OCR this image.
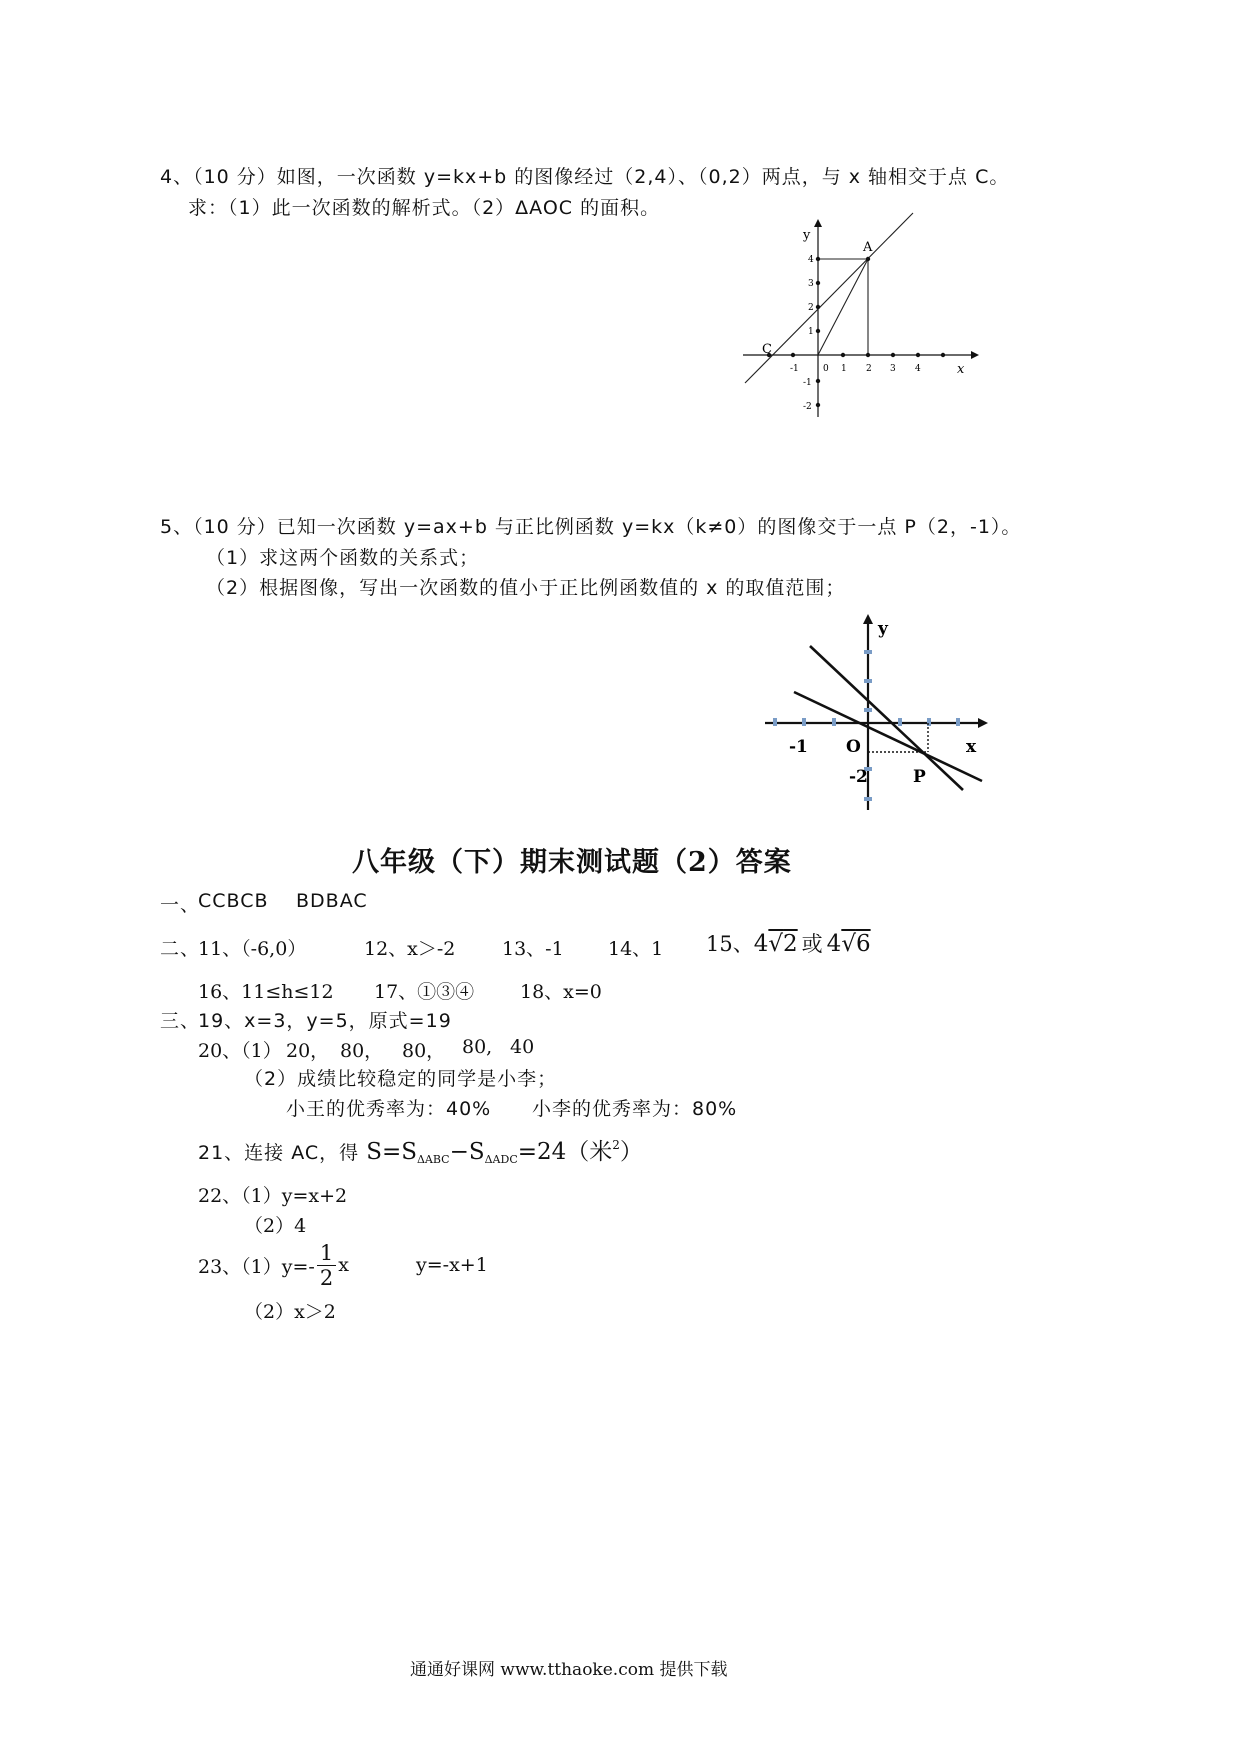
4、（10 分）如图，一次函数 y=kx+b 的图像经过（2,4）、（0,2）两点，与 x 轴相交于点 C。
求：（1）此一次函数的解析式。（2）ΔAOC 的面积。
y
x
A
C
-1	0 1 2 3 4
4
3
2
1
-1
-2
5、（10 分）已知一次函数 y=ax+b 与正比例函数 y=kx（k≠0）的图像交于一点 P（2，-1）。
（1）求这两个函数的关系式；
（2）根据图像，写出一次函数的值小于正比例函数值的 x 的取值范围；
y
x
O
-1
-2	P
八年级（下）期末测试题（2）答案
一、
CCBCB BDBAC
二、
11、（-6,0）	12、x＞-2 13、-1 14、1 15、4√2 或 4√6
16、11≤h≤12 17、①③④ 18、x=0
三、
19、x=3，y=5，原式=19
20、（1） 20， 80， 80， 80, 40
（2）成绩比较稳定的同学是小李；
小王的优秀率为：40% 小李的优秀率为：80%
21、连接 AC，得 $S=S_{\Delta ABC}-S_{\Delta ADC}=24$（米$^2$）
22、（1）y=x+2
（2）4
23、$(1)y=- \frac{1}{2}$ x	y=-x+1
（2）x＞2
通通好课网 www.tthaoke.com 提供下载
